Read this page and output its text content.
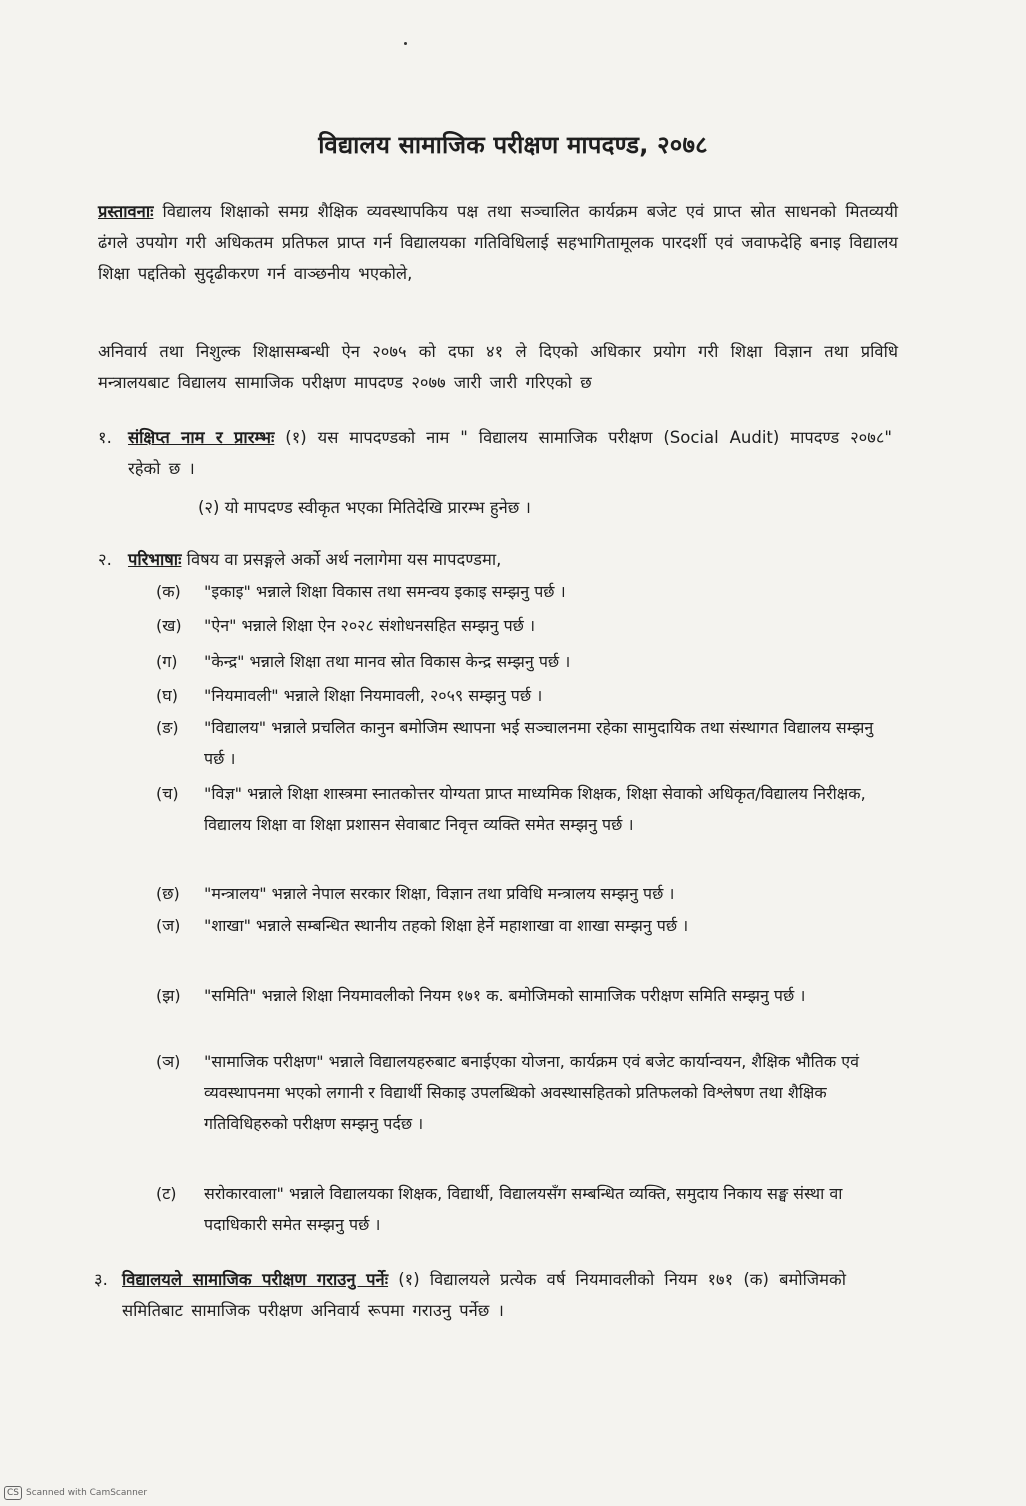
विद्यालय सामाजिक परीक्षण मापदण्ड, २०७८
प्रस्तावनाः विद्यालय शिक्षाको समग्र शैक्षिक व्यवस्थापकिय पक्ष तथा सञ्चालित कार्यक्रम बजेट एवं प्राप्त स्रोत साधनको मितव्ययी ढंगले उपयोग गरी अधिकतम प्रतिफल प्राप्त गर्न विद्यालयका गतिविधिलाई सहभागितामूलक पारदर्शी एवं जवाफदेहि बनाइ विद्यालय शिक्षा पद्दतिको सुदृढीकरण गर्न वाञ्छनीय भएकोले,
अनिवार्य तथा निशुल्क शिक्षासम्बन्धी ऐन २०७५ को दफा ४१ ले दिएको अधिकार प्रयोग गरी शिक्षा विज्ञान तथा प्रविधि मन्त्रालयबाट विद्यालय सामाजिक परीक्षण मापदण्ड २०७७ जारी जारी गरिएको छ
१. संक्षिप्त नाम र प्रारम्भः (१) यस मापदण्डको नाम " विद्यालय सामाजिक परीक्षण (Social Audit) मापदण्ड २०७८" रहेको छ ।
(२) यो मापदण्ड स्वीकृत भएका मितिदेखि प्रारम्भ हुनेछ ।
२. परिभाषाः विषय वा प्रसङ्गले अर्को अर्थ नलागेमा यस मापदण्डमा,
(क) "इकाइ" भन्नाले शिक्षा विकास तथा समन्वय इकाइ सम्झनु पर्छ ।
(ख) "ऐन" भन्नाले शिक्षा ऐन २०२८ संशोधनसहित सम्झनु पर्छ ।
(ग) "केन्द्र" भन्नाले शिक्षा तथा मानव स्रोत विकास केन्द्र सम्झनु पर्छ ।
(घ) "नियमावली" भन्नाले शिक्षा नियमावली, २०५९ सम्झनु पर्छ ।
(ङ) "विद्यालय" भन्नाले प्रचलित कानुन बमोजिम स्थापना भई सञ्चालनमा रहेका सामुदायिक तथा संस्थागत विद्यालय सम्झनु पर्छ ।
(च) "विज्ञ" भन्नाले शिक्षा शास्त्रमा स्नातकोत्तर योग्यता प्राप्त माध्यमिक शिक्षक, शिक्षा सेवाको अधिकृत/विद्यालय निरीक्षक, विद्यालय शिक्षा वा शिक्षा प्रशासन सेवाबाट निवृत्त व्यक्ति समेत सम्झनु पर्छ ।
(छ) "मन्त्रालय" भन्नाले नेपाल सरकार शिक्षा, विज्ञान तथा प्रविधि मन्त्रालय सम्झनु पर्छ ।
(ज) "शाखा" भन्नाले सम्बन्धित स्थानीय तहको शिक्षा हेर्ने महाशाखा वा शाखा सम्झनु पर्छ ।
(झ) "समिति" भन्नाले शिक्षा नियमावलीको नियम १७१ क. बमोजिमको सामाजिक परीक्षण समिति सम्झनु पर्छ ।
(ञ) "सामाजिक परीक्षण" भन्नाले विद्यालयहरुबाट बनाईएका योजना, कार्यक्रम एवं बजेट कार्यान्वयन, शैक्षिक भौतिक एवं व्यवस्थापनमा भएको लगानी र विद्यार्थी सिकाइ उपलब्धिको अवस्थासहितको प्रतिफलको विश्लेषण तथा शैक्षिक गतिविधिहरुको परीक्षण सम्झनु पर्दछ ।
(ट) सरोकारवाला" भन्नाले विद्यालयका शिक्षक, विद्यार्थी, विद्यालयसँग सम्बन्धित व्यक्ति, समुदाय निकाय सङ्घ संस्था वा पदाधिकारी समेत सम्झनु पर्छ ।
३. विद्यालयले सामाजिक परीक्षण गराउनु पर्नेः (१) विद्यालयले प्रत्येक वर्ष नियमावलीको नियम १७१ (क) बमोजिमको समितिबाट सामाजिक परीक्षण अनिवार्य रूपमा गराउनु पर्नेछ ।
CS Scanned with CamScanner
